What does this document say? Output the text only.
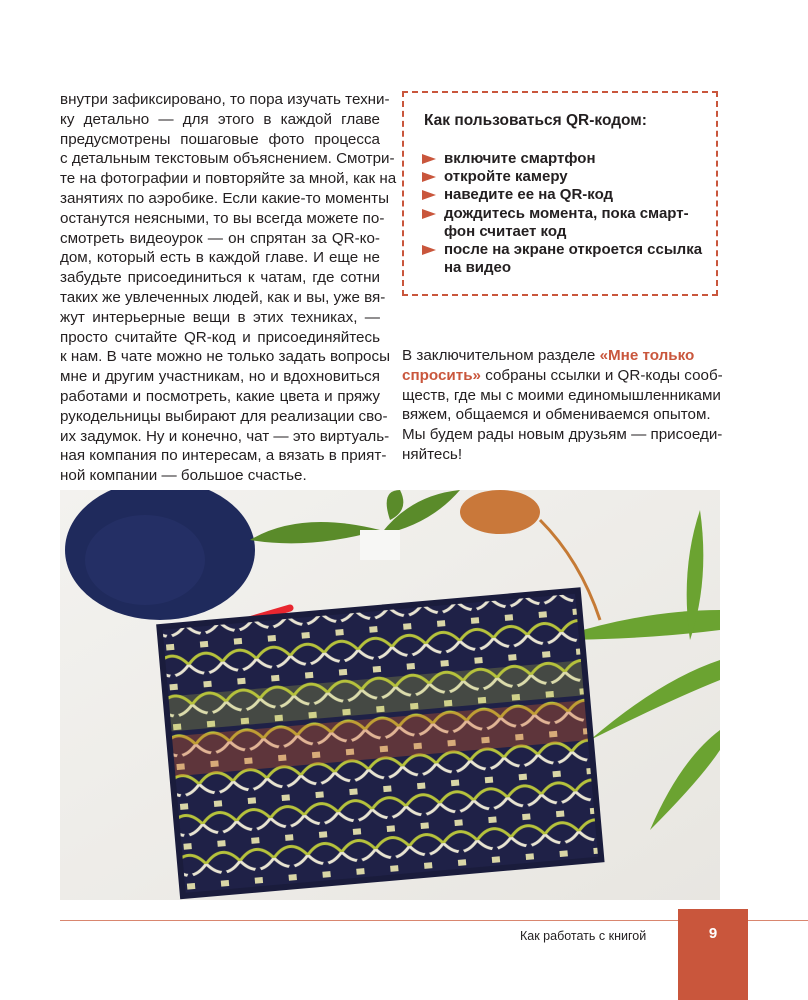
внутри зафиксировано, то пора изучать техни-
ку детально — для этого в каждой главе
предусмотрены пошаговые фото процесса
с детальным текстовым объяснением. Смотри-
те на фотографии и повторяйте за мной, как на
занятиях по аэробике. Если какие-то моменты
останутся неясными, то вы всегда можете по-
смотреть видеоурок — он спрятан за QR-ко-
дом, который есть в каждой главе. И еще не
забудьте присоединиться к чатам, где сотни
таких же увлеченных людей, как и вы, уже вя-
жут интерьерные вещи в этих техниках, —
просто считайте QR-код и присоединяйтесь
к нам. В чате можно не только задать вопросы
мне и другим участникам, но и вдохновиться
работами и посмотреть, какие цвета и пряжу
рукодельницы выбирают для реализации сво-
их задумок. Ну и конечно, чат — это виртуаль-
ная компания по интересам, а вязать в прият-
ной компании — большое счастье.
Как пользоваться QR-кодом:
включите смартфон
откройте камеру
наведите ее на QR-код
дождитесь момента, пока смарт-
фон считает код
после на экране откроется ссылка
на видео
В заключительном разделе «Мне только
спросить» собраны ссылки и QR-коды сооб-
ществ, где мы с моими единомышленниками
вяжем, общаемся и обмениваемся опытом.
Мы будем рады новым друзьям — присоеди-
няйтесь!
Как работать с книгой	9
